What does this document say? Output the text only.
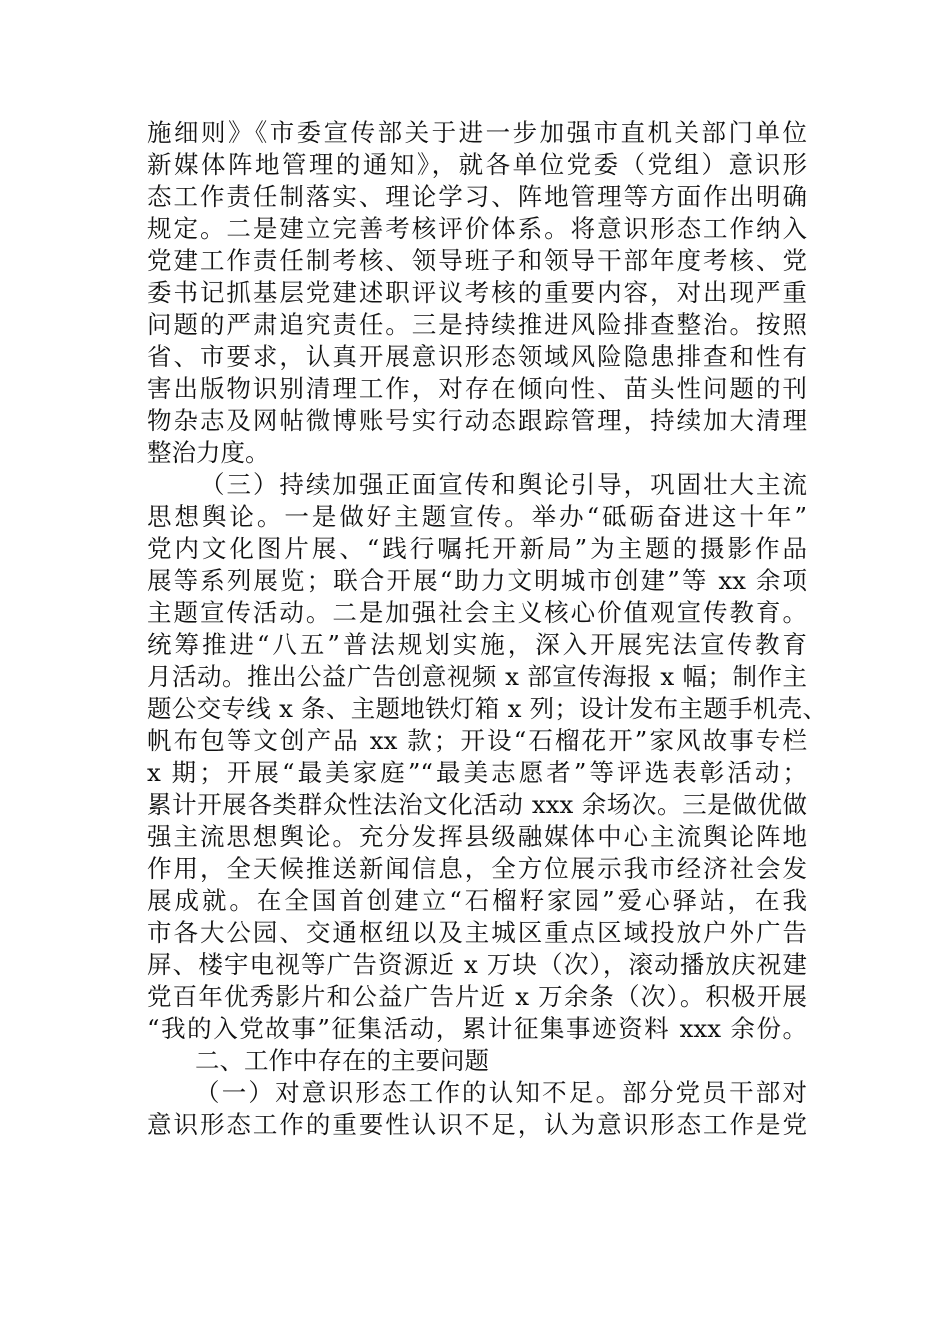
施细则》《市委宣传部关于进一步加强市直机关部门单位
新媒体阵地管理的通知》，就各单位党委（党组）意识形
态工作责任制落实、理论学习、阵地管理等方面作出明确
规定。二是建立完善考核评价体系。将意识形态工作纳入
党建工作责任制考核、领导班子和领导干部年度考核、党
委书记抓基层党建述职评议考核的重要内容，对出现严重
问题的严肃追究责任。三是持续推进风险排查整治。按照
省、市要求，认真开展意识形态领域风险隐患排查和性有
害出版物识别清理工作，对存在倾向性、苗头性问题的刊
物杂志及网帖微博账号实行动态跟踪管理，持续加大清理
整治力度。
（三）持续加强正面宣传和舆论引导，巩固壮大主流
思想舆论。一是做好主题宣传。举办“砥砺奋进这十年”
党内文化图片展、“践行嘱托开新局”为主题的摄影作品
展等系列展览；联合开展“助力文明城市创建”等 xx 余项
主题宣传活动。二是加强社会主义核心价值观宣传教育。
统筹推进“八五”普法规划实施，深入开展宪法宣传教育
月活动。推出公益广告创意视频 x 部宣传海报 x 幅；制作主
题公交专线 x 条、主题地铁灯箱 x 列；设计发布主题手机壳、
帆布包等文创产品 xx 款；开设“石榴花开”家风故事专栏
x 期；开展“最美家庭”“最美志愿者”等评选表彰活动；
累计开展各类群众性法治文化活动 xxx 余场次。三是做优做
强主流思想舆论。充分发挥县级融媒体中心主流舆论阵地
作用，全天候推送新闻信息，全方位展示我市经济社会发
展成就。在全国首创建立“石榴籽家园”爱心驿站，在我
市各大公园、交通枢纽以及主城区重点区域投放户外广告
屏、楼宇电视等广告资源近 x 万块（次），滚动播放庆祝建
党百年优秀影片和公益广告片近 x 万余条（次）。积极开展
“我的入党故事”征集活动，累计征集事迹资料 xxx 余份。
二、工作中存在的主要问题
（一）对意识形态工作的认知不足。部分党员干部对
意识形态工作的重要性认识不足，认为意识形态工作是党
